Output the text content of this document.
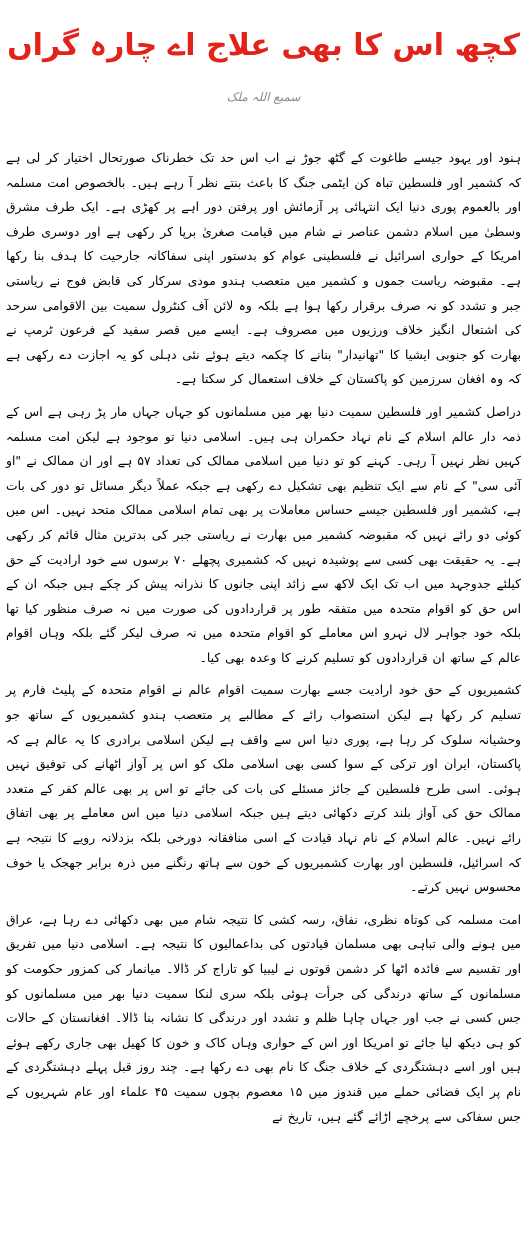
کچھ اس کا بھی علاج اے چارہ گراں
سمیع اللہ ملک

ہنود اور یہود جیسے طاغوت کے گٹھ جوڑ نے اب اس حد تک خطرناک صورتحال اختیار کر لی ہے کہ کشمیر اور فلسطین تباہ کن ایٹمی جنگ کا باعث بنتے نظر آ رہے ہیں۔ بالخصوص امت مسلمہ اور بالعموم پوری دنیا ایک انتہائی پر آزمائش اور پرفتن دور اہے پر کھڑی ہے۔ ایک طرف مشرق وسطیٰ میں اسلام دشمن عناصر نے شام میں قیامت صغریٰ برپا کر رکھی ہے اور دوسری طرف امریکا کے حواری اسرائیل نے فلسطینی عوام کو بدستور اپنی سفاکانہ جارحیت کا ہدف بنا رکھا ہے۔ مقبوضہ ریاست جموں و کشمیر میں متعصب ہندو مودی سرکار کی قابض فوج نے ریاستی جبر و تشدد کو نہ صرف برقرار رکھا ہوا ہے بلکہ وہ لائن آف کنٹرول سمیت بین الاقوامی سرحد کی اشتعال انگیز خلاف ورزیوں میں مصروف ہے۔ ایسے میں قصر سفید کے فرعون ٹرمپ نے بھارت کو جنوبی ایشیا کا "تھانیدار" بنانے کا چکمہ دیتے ہوئے نئی دہلی کو یہ اجازت دے رکھی ہے کہ وہ افغان سرزمین کو پاکستان کے خلاف استعمال کر سکتا ہے۔

دراصل کشمیر اور فلسطین سمیت دنیا بھر میں مسلمانوں کو جہاں جہاں مار پڑ رہی ہے اس کے ذمہ دار عالم اسلام کے نام نہاد حکمران ہی ہیں۔ اسلامی دنیا تو موجود ہے لیکن امت مسلمہ کہیں نظر نہیں آ رہی۔ کہنے کو تو دنیا میں اسلامی ممالک کی تعداد ۵۷ ہے اور ان ممالک نے "او آئی سی" کے نام سے ایک تنظیم بھی تشکیل دے رکھی ہے جبکہ عملاً دیگر مسائل تو دور کی بات ہے، کشمیر اور فلسطین جیسے حساس معاملات پر بھی تمام اسلامی ممالک متحد نہیں۔ اس میں کوئی دو رائے نہیں کہ مقبوضہ کشمیر میں بھارت نے ریاستی جبر کی بدترین مثال قائم کر رکھی ہے۔ یہ حقیقت بھی کسی سے پوشیدہ نہیں کہ کشمیری پچھلے ۷۰ برسوں سے خود ارادیت کے حق کیلئے جدوجہد میں اب تک ایک لاکھ سے زائد اپنی جانوں کا نذرانہ پیش کر چکے ہیں جبکہ ان کے اس حق کو اقوام متحدہ میں متفقہ طور پر قراردادوں کی صورت میں نہ صرف منظور کیا تھا بلکہ خود جواہر لال نہرو اس معاملے کو اقوام متحدہ میں نہ صرف لیکر گئے بلکہ وہاں اقوام عالم کے ساتھ ان قراردادوں کو تسلیم کرنے کا وعدہ بھی کیا۔

کشمیریوں کے حق خود ارادیت جسے بھارت سمیت اقوام عالم نے اقوام متحدہ کے پلیٹ فارم پر تسلیم کر رکھا ہے لیکن استصواب رائے کے مطالبے پر متعصب ہندو کشمیریوں کے ساتھ جو وحشیانہ سلوک کر رہا ہے، پوری دنیا اس سے واقف ہے لیکن اسلامی برادری کا یہ عالم ہے کہ پاکستان، ایران اور ترکی کے سوا کسی بھی اسلامی ملک کو اس پر آواز اٹھانے کی توفیق نہیں ہوئی۔ اسی طرح فلسطین کے جائز مسئلے کی بات کی جائے تو اس پر بھی عالم کفر کے متعدد ممالک حق کی آواز بلند کرتے دکھائی دیتے ہیں جبکہ اسلامی دنیا میں اس معاملے پر بھی اتفاق رائے نہیں۔ عالم اسلام کے نام نہاد قیادت کے اسی منافقانہ دورخی بلکہ بزدلانہ رویے کا نتیجہ ہے کہ اسرائیل، فلسطین اور بھارت کشمیریوں کے خون سے ہاتھ رنگنے میں ذرہ برابر جھجک یا خوف محسوس نہیں کرتے۔

امت مسلمہ کی کوتاہ نظری، نفاق، رسہ کشی کا نتیجہ شام میں بھی دکھائی دے رہا ہے، عراق میں ہونے والی تباہی بھی مسلمان قیادتوں کی بداعمالیوں کا نتیجہ ہے۔ اسلامی دنیا میں تفریق اور تقسیم سے فائدہ اٹھا کر دشمن قوتوں نے لیبیا کو تاراج کر ڈالا۔ میانمار کی کمزور حکومت کو مسلمانوں کے ساتھ درندگی کی جرأت ہوئی بلکہ سری لنکا سمیت دنیا بھر میں مسلمانوں کو جس کسی نے جب اور جہاں چاہا ظلم و تشدد اور درندگی کا نشانہ بنا ڈالا۔ افغانستان کے حالات کو ہی دیکھ لیا جائے تو امریکا اور اس کے حواری وہاں کاک و خون کا کھیل بھی جاری رکھے ہوئے ہیں اور اسے دہشتگردی کے خلاف جنگ کا نام بھی دے رکھا ہے۔ چند روز قبل پہلے دہشتگردی کے نام پر ایک فضائی حملے میں قندوز میں ۱۵ معصوم بچوں سمیت ۴۵ علماء اور عام شہریوں کے جس سفاکی سے پرخچے اڑائے گئے ہیں، تاریخ نے
